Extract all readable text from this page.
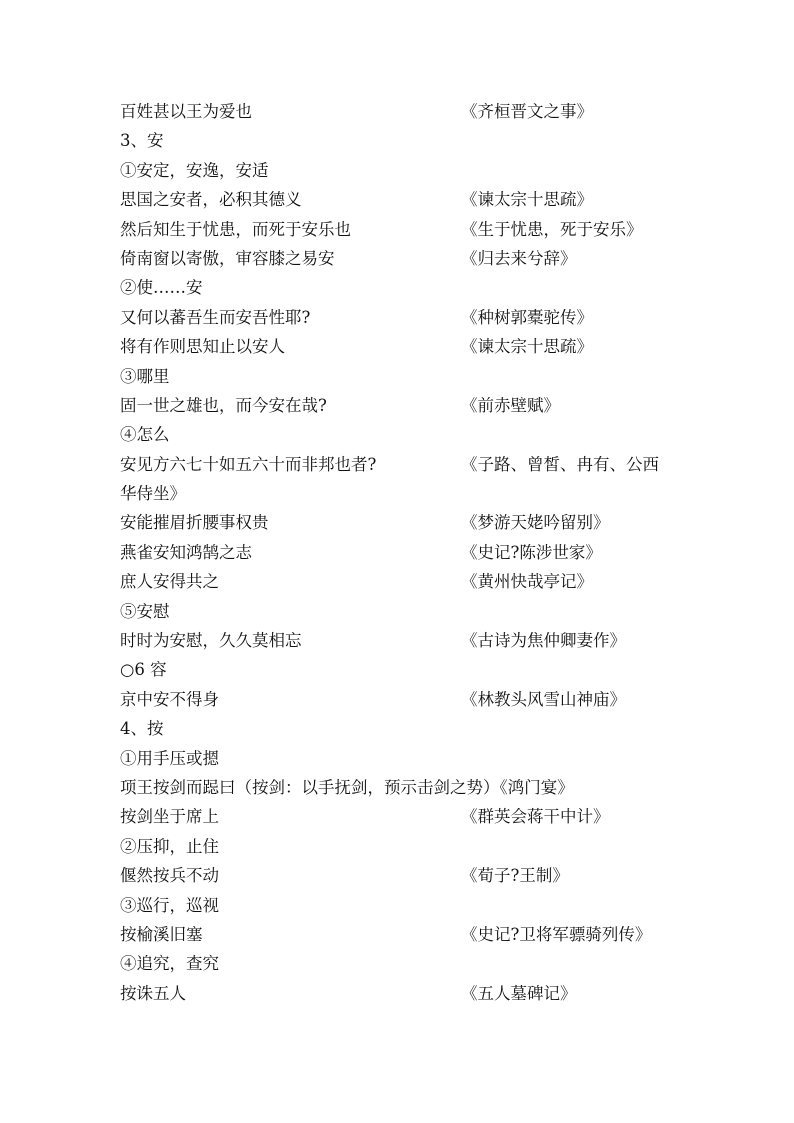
百姓甚以王为爱也	《齐桓晋文之事》
3、安
①安定，安逸，安适
思国之安者，必积其德义	《谏太宗十思疏》
然后知生于忧患，而死于安乐也	《生于忧患，死于安乐》
倚南窗以寄傲，审容膝之易安	《归去来兮辞》
②使……安
又何以蕃吾生而安吾性耶?	《种树郭橐驼传》
将有作则思知止以安人	《谏太宗十思疏》
③哪里
固一世之雄也，而今安在哉?	《前赤壁赋》
④怎么
安见方六七十如五六十而非邦也者?	《子路、曾皙、冉有、公西
华侍坐》
安能摧眉折腰事权贵	《梦游天姥吟留别》
燕雀安知鸿鹄之志	《史记?陈涉世家》
庶人安得共之	《黄州快哉亭记》
⑤安慰
时时为安慰，久久莫相忘	《古诗为焦仲卿妻作》
○6 容
京中安不得身	《林教头风雪山神庙》
4、按
①用手压或摁
项王按剑而跽曰（按剑：以手抚剑，预示击剑之势）《鸿门宴》
按剑坐于席上	《群英会蒋干中计》
②压抑，止住
偃然按兵不动	《荀子?王制》
③巡行，巡视
按榆溪旧塞	《史记?卫将军骠骑列传》
④追究，查究
按诛五人	《五人墓碑记》
